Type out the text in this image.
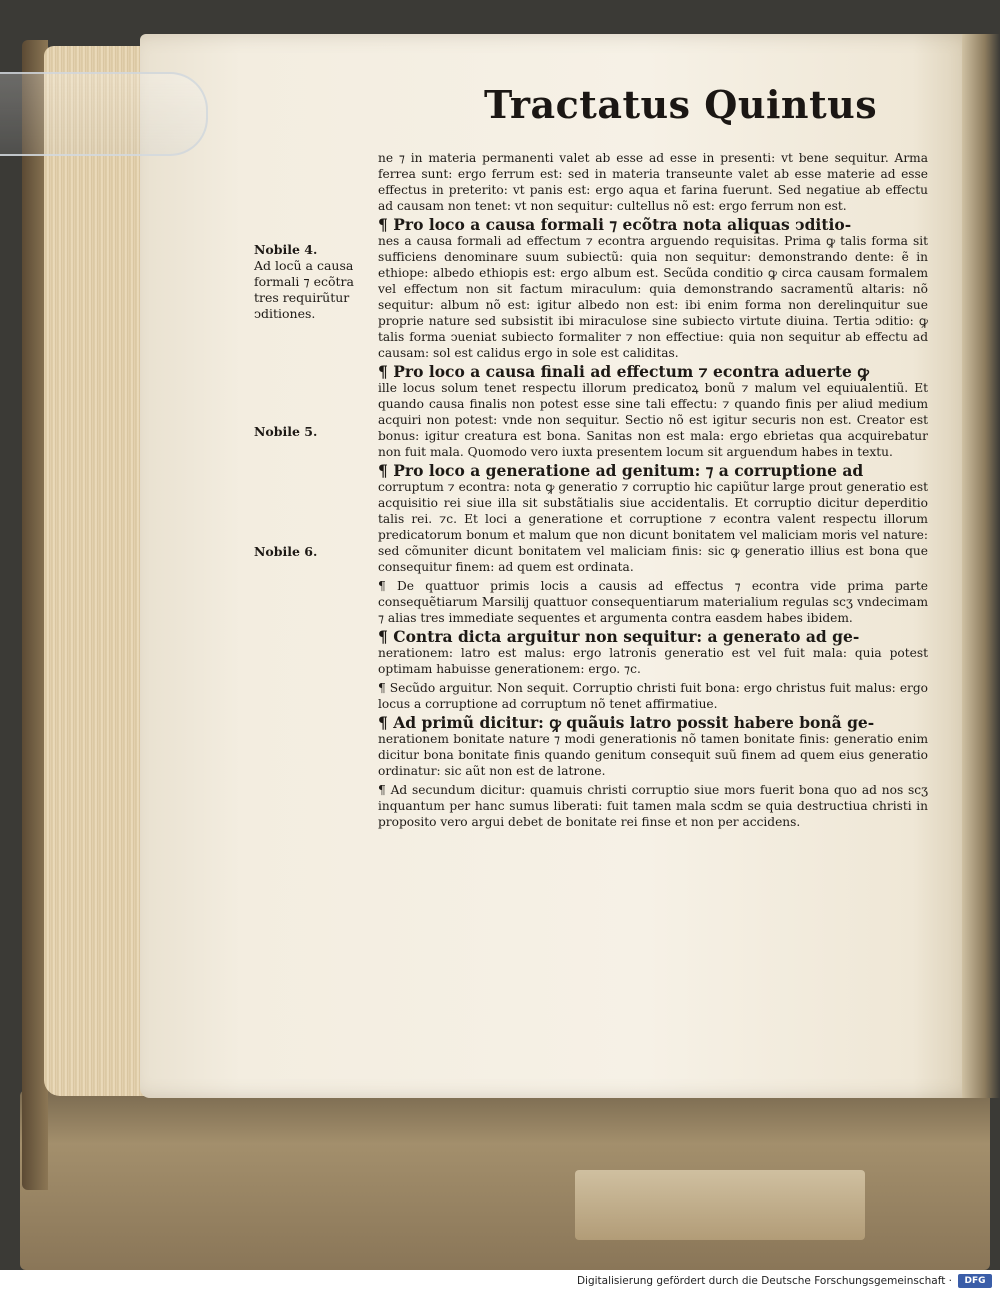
Tractatus Quintus
Nobile 4.
Ad locũ a causa
formali ⁊ ecõtra
tres requirũtur
ↄditiones.
Nobile 5.
Nobile 6.

ne ⁊ in materia permanenti valet ab esse ad esse in presenti: vt bene sequitur. Arma ferrea sunt: ergo ferrum est: sed in materia transeunte valet ab esse materie ad esse effectus in preterito: vt panis est: ergo aqua et farina fuerunt. Sed negatiue ab effectu ad causam non tenet: vt non sequitur: cultellus nõ est: ergo ferrum non est.

¶ Pro loco a causa formali ⁊ ecõtra nota aliquas ↄditio-

nes a causa formali ad effectum ⁊ econtra arguendo requisitas. Prima ꝙ talis forma sit sufficiens denominare suum subiectũ: quia non sequitur: demonstrando dente: ẽ in ethiope: albedo ethiopis est: ergo album est. Secũda conditio ꝙ circa causam formalem vel effectum non sit factum miraculum: quia demonstrando sacramentũ altaris: nõ sequitur: album nõ est: igitur albedo non est: ibi enim forma non derelinquitur sue proprie nature sed subsistit ibi miraculose sine subiecto virtute diuina. Tertia ↄditio: ꝙ talis forma ↄueniat subiecto formaliter ⁊ non effectiue: quia non sequitur ab effectu ad causam: sol est calidus ergo in sole est caliditas.

¶ Pro loco a causa finali ad effectum ⁊ econtra aduerte ꝙ

ille locus solum tenet respectu illorum predicatoꝝ bonũ ⁊ malum vel equiualentiũ. Et quando causa finalis non potest esse sine tali effectu: ⁊ quando finis per aliud medium acquiri non potest: vnde non sequitur. Sectio nõ est igitur securis non est. Creator est bonus: igitur creatura est bona. Sanitas non est mala: ergo ebrietas qua acquirebatur non fuit mala. Quomodo vero iuxta presentem locum sit arguendum habes in textu.

¶ Pro loco a generatione ad genitum: ⁊ a corruptione ad

corruptum ⁊ econtra: nota ꝙ generatio ⁊ corruptio hic capiũtur large prout generatio est acquisitio rei siue illa sit substãtialis siue accidentalis. Et corruptio dicitur deperditio talis rei. ⁊c. Et loci a generatione et corruptione ⁊ econtra valent respectu illorum predicatorum bonum et malum que non dicunt bonitatem vel maliciam moris vel nature: sed cõmuniter dicunt bonitatem vel maliciam finis: sic ꝙ generatio illius est bona que consequitur finem: ad quem est ordinata.

¶ De quattuor primis locis a causis ad effectus ⁊ econtra vide prima parte consequẽtiarum Marsilij quattuor consequentiarum materialium regulas scʒ vndecimam ⁊ alias tres immediate sequentes et argumenta contra easdem habes ibidem.

¶ Contra dicta arguitur non sequitur: a generato ad ge-

nerationem: latro est malus: ergo latronis generatio est vel fuit mala: quia potest optimam habuisse generationem: ergo. ⁊c.

¶ Secũdo arguitur. Non sequit. Corruptio christi fuit bona: ergo christus fuit malus: ergo locus a corruptione ad corruptum nõ tenet affirmatiue.

¶ Ad primũ dicitur: ꝙ quãuis latro possit habere bonã ge-

nerationem bonitate nature ⁊ modi generationis nõ tamen bonitate finis: generatio enim dicitur bona bonitate finis quando genitum consequit suũ finem ad quem eius generatio ordinatur: sic aũt non est de latrone.

¶ Ad secundum dicitur: quamuis christi corruptio siue mors fuerit bona quo ad nos scʒ inquantum per hanc sumus liberati: fuit tamen mala scdm se quia destructiua christi in proposito vero argui debet de bonitate rei finse et non per accidens.

Digitalisierung gefördert durch die Deutsche Forschungsgemeinschaft ·	DFG
